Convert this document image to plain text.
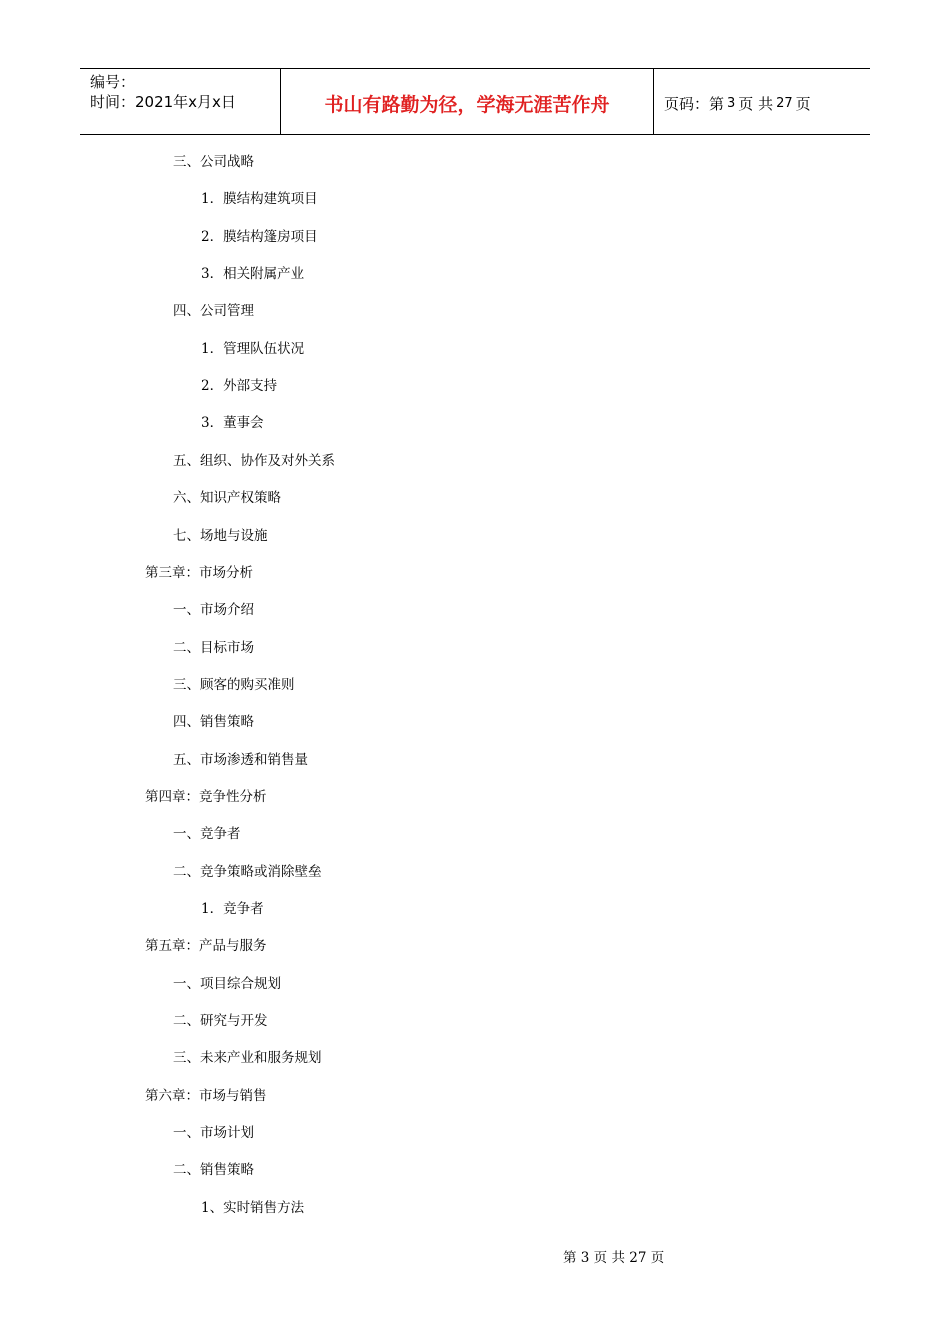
编号：
时间：2021年x月x日	书山有路勤为径，学海无涯苦作舟	页码：第 3 页 共 27 页
三、公司战略
1．膜结构建筑项目
2．膜结构篷房项目
3．相关附属产业
四、公司管理
1．管理队伍状况
2．外部支持
3．董事会
五、组织、协作及对外关系
六、知识产权策略
七、场地与设施
第三章：市场分析
一、市场介绍
二、目标市场
三、顾客的购买准则
四、销售策略
五、市场渗透和销售量
第四章：竞争性分析
一、竞争者
二、竞争策略或消除壁垒
1．竞争者
第五章：产品与服务
一、项目综合规划
二、研究与开发
三、未来产业和服务规划
第六章：市场与销售
一、市场计划
二、销售策略
1、实时销售方法
第 3 页 共 27 页
